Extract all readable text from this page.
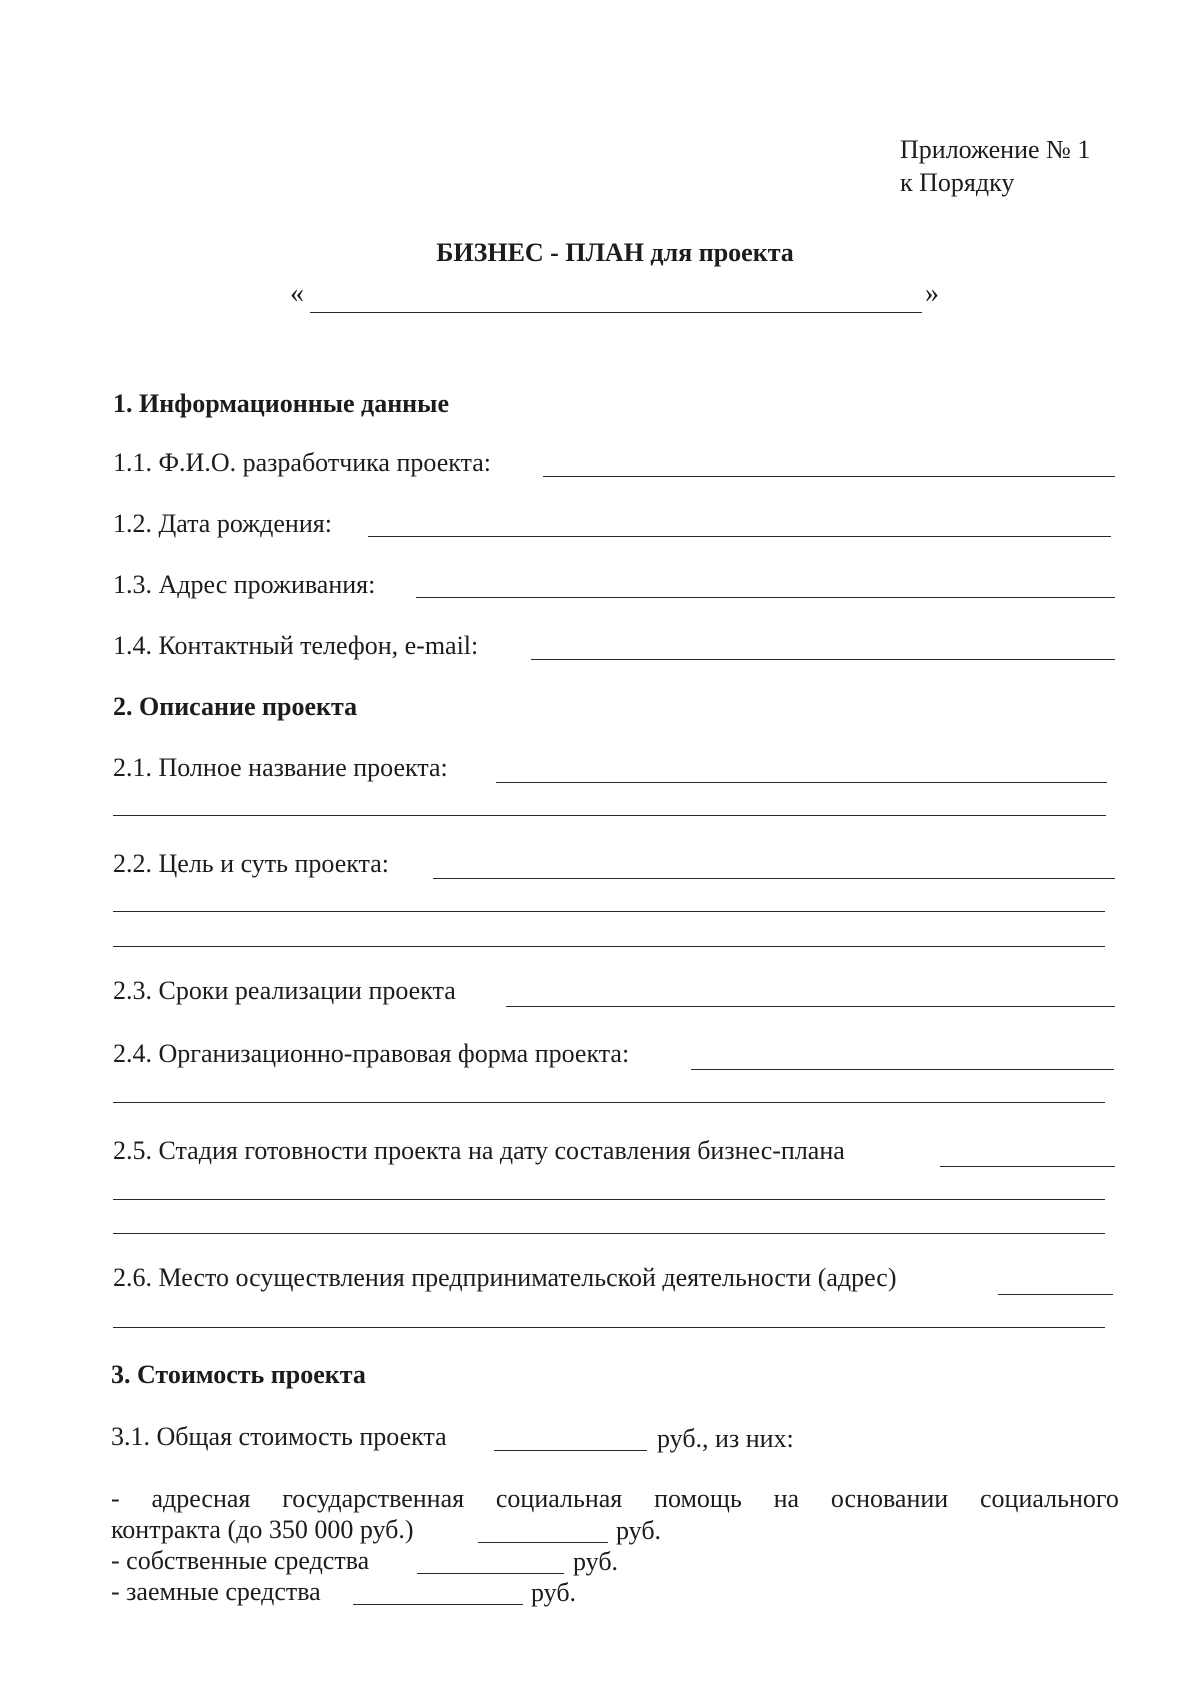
Приложение № 1
к Порядку
БИЗНЕС - ПЛАН для проекта
«	»
1. Информационные данные
1.1. Ф.И.О. разработчика проекта:
1.2. Дата рождения:
1.3. Адрес проживания:
1.4. Контактный телефон, e-mail:
2. Описание проекта
2.1. Полное название проекта:
2.2. Цель и суть проекта:
2.3. Сроки реализации проекта
2.4. Организационно-правовая форма проекта:
2.5. Стадия готовности проекта на дату составления бизнес-плана
2.6. Место осуществления предпринимательской деятельности (адрес)
3. Стоимость проекта
3.1. Общая стоимость проекта	руб., из них:
- адресная государственная социальная помощь на основании социального
контракта (до 350 000 руб.)	руб.
- собственные средства	руб.
- заемные средства	руб.
